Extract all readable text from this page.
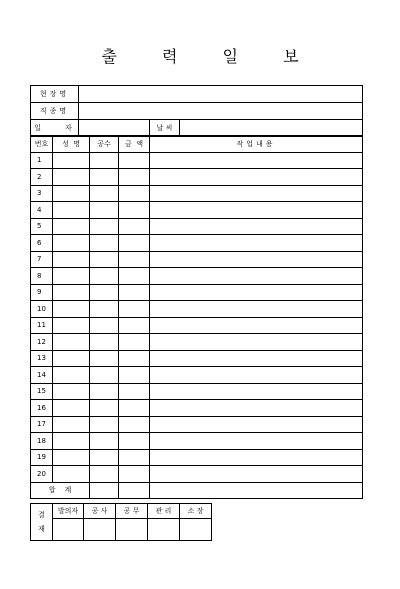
출 력 일 보
현장명			
직종명			
일    자		날 씨	
번호	성  명	공수	금  액	작업내용
1				
2				
3				
4				
5				
6				
7				
8				
9				
10				
11				
12				
13				
14				
15				
16				
17				
18				
19				
20				
합    계				
결
재	발의자	공 사	공 무	관 리	소 장
